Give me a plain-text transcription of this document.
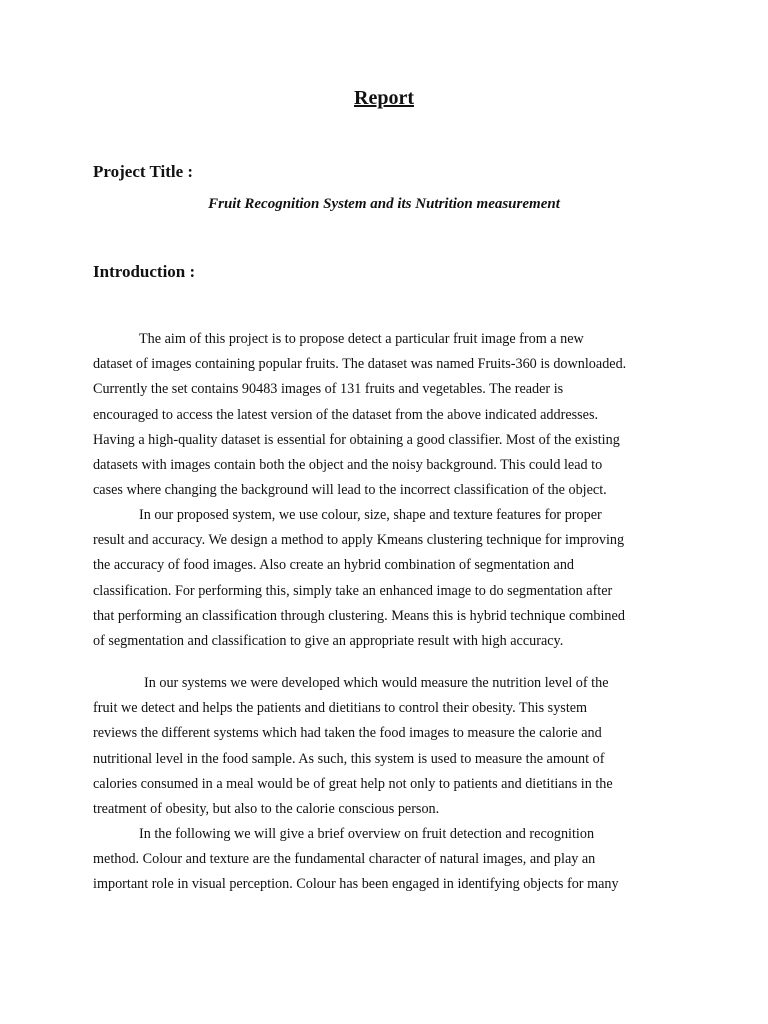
Report
Project Title :

Fruit Recognition System and its Nutrition measurement

Introduction :
The aim of this project is to propose detect a particular fruit image from a new
dataset of images containing popular fruits. The dataset was named Fruits-360 is downloaded.
Currently the set contains 90483 images of 131 fruits and vegetables. The reader is
encouraged to access the latest version of the dataset from the above indicated addresses.
Having a high-quality dataset is essential for obtaining a good classifier. Most of the existing
datasets with images contain both the object and the noisy background. This could lead to
cases where changing the background will lead to the incorrect classification of the object.
In our proposed system, we use colour, size, shape and texture features for proper
result and accuracy. We design a method to apply Kmeans clustering technique for improving
the accuracy of food images. Also create an hybrid combination of segmentation and
classification. For performing this, simply take an enhanced image to do segmentation after
that performing an classification through clustering. Means this is hybrid technique combined
of segmentation and classification to give an appropriate result with high accuracy.
In our systems we were developed which would measure the nutrition level of the
fruit we detect and helps the patients and dietitians to control their obesity. This system
reviews the different systems which had taken the food images to measure the calorie and
nutritional level in the food sample. As such, this system is used to measure the amount of
calories consumed in a meal would be of great help not only to patients and dietitians in the
treatment of obesity, but also to the calorie conscious person.
In the following we will give a brief overview on fruit detection and recognition
method. Colour and texture are the fundamental character of natural images, and play an
important role in visual perception. Colour has been engaged in identifying objects for many
